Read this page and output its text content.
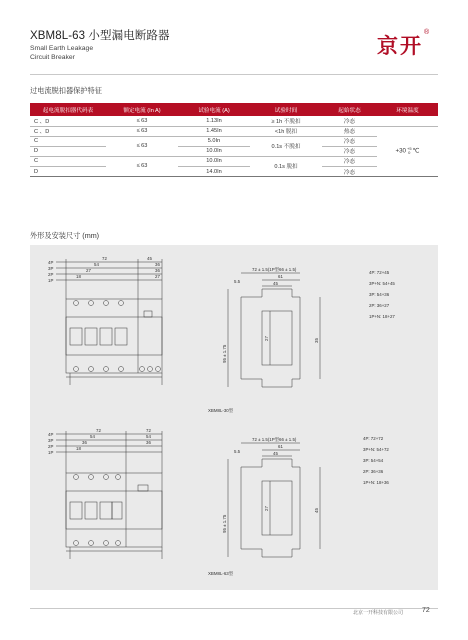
XBM8L-63 小型漏电断路器
Small Earth Leakage
Circuit Breaker	京开
®
过电流脱扣器保护特征
起电流脱扣器代码表	额定电流 (In A)	试验电流 (A)	试验时间	起始状态	环境温度
C 、D	≤ 63	1.13In	≥ 1h 不脱扣	冷态	
C 、D	≤ 63	1.45In	<1h 脱扣	热态	+30 +5
0 ℃
C	≤ 63	5.0In	0.1s 不脱扣	冷态	
D		10.0In		冷态	
C	≤ 63	10.0In	0.1s 脱扣	冷态	
D		14.0In		冷态	
外形及安装尺寸 (mm)
4P
3P
2P
1P
72	45
54	36
27	36
18	27
72 ± 1.5(1P型66 ± 1.5)
61
45
5.5
95 ± 1.75
27	35
4P: 72+45
3P+N: 54+45
3P: 54+36
2P: 36+27
1P+N: 18+27
XBM8L-30型
4P
3P
2P
1P
72	72
54	54
36	36
18
72 ± 1.5(1P型66 ± 1.5)
61
45
5.5
95 ± 1.75
27	45
4P: 72+72
3P+N: 54+72
3P: 54+54
2P: 36+36
1P+N: 18+36
XBM8L-63型
北京一开科技有限公司	72
